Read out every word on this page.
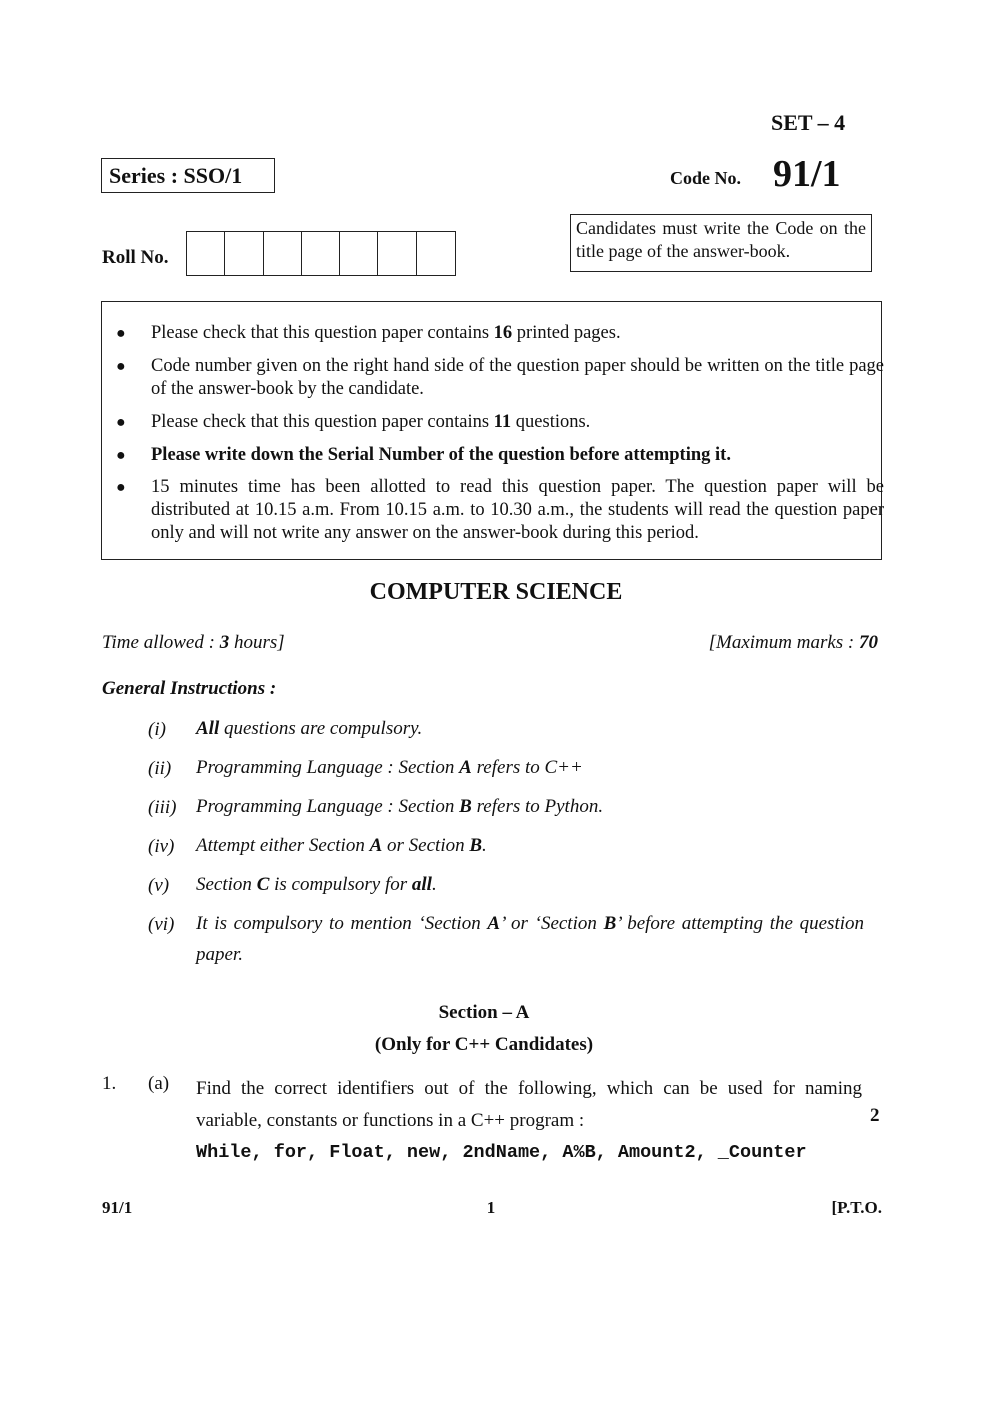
SET – 4
Series : SSO/1	Code No. 91/1
Roll No.
Candidates must write the Code on the title page of the answer-book.
● Please check that this question paper contains 16 printed pages.
● Code number given on the right hand side of the question paper should be written on the title page of the answer-book by the candidate.
● Please check that this question paper contains 11 questions.
● Please write down the Serial Number of the question before attempting it.
● 15 minutes time has been allotted to read this question paper. The question paper will be distributed at 10.15 a.m. From 10.15 a.m. to 10.30 a.m., the students will read the question paper only and will not write any answer on the answer-book during this period.
COMPUTER SCIENCE
Time allowed : 3 hours]	[Maximum marks : 70
General Instructions :
(i) All questions are compulsory.
(ii) Programming Language : Section A refers to C++
(iii) Programming Language : Section B refers to Python.
(iv) Attempt either Section A or Section B.
(v) Section C is compulsory for all.
(vi) It is compulsory to mention ‘Section A’ or ‘Section B’ before attempting the question paper.
Section – A
(Only for C++ Candidates)
1. (a) Find the correct identifiers out of the following, which can be used for naming variable, constants or functions in a C++ program :	2
While, for, Float, new, 2ndName, A%B, Amount2, _Counter
91/1	1	[P.T.O.
